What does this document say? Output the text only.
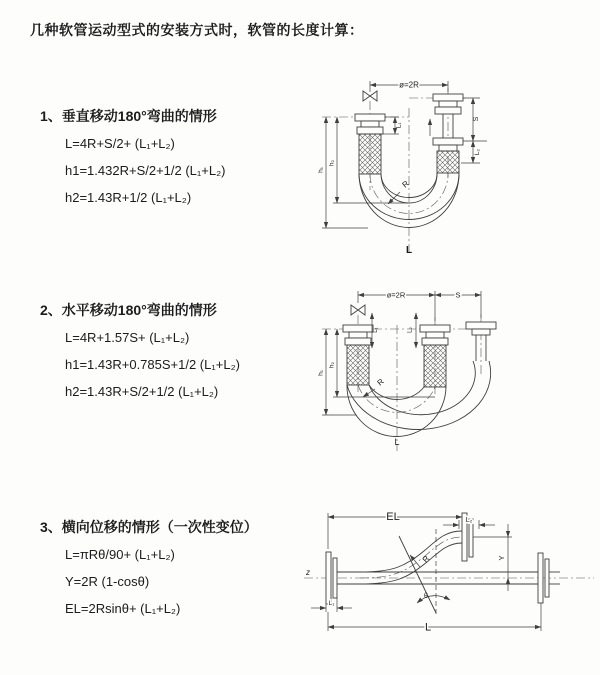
几种软管运动型式的安装方式时，软管的长度计算：
1、垂直移动180°弯曲的情形
L=4R+S/2+ (L₁+L₂)
h1=1.432R+S/2+1/2 (L₁+L₂)
h2=1.43R+1/2 (L₁+L₂)
2、水平移动180°弯曲的情形
L=4R+1.57S+ (L₁+L₂)
h1=1.43R+0.785S+1/2 (L₁+L₂)
h2=1.43R+S/2+1/2 (L₁+L₂)
3、横向位移的情形（一次性变位）
L=πRθ/90+ (L₁+L₂)
Y=2R (1-cosθ)
EL=2Rsinθ+ (L₁+L₂)
ø=2R
L₁
S
L₂
h₁
h₂
R
L
ø=2R	S
L₁	L₂
h₁
h₂
R
L
z
EL	L₂
Y
θ
R
L₁
L
